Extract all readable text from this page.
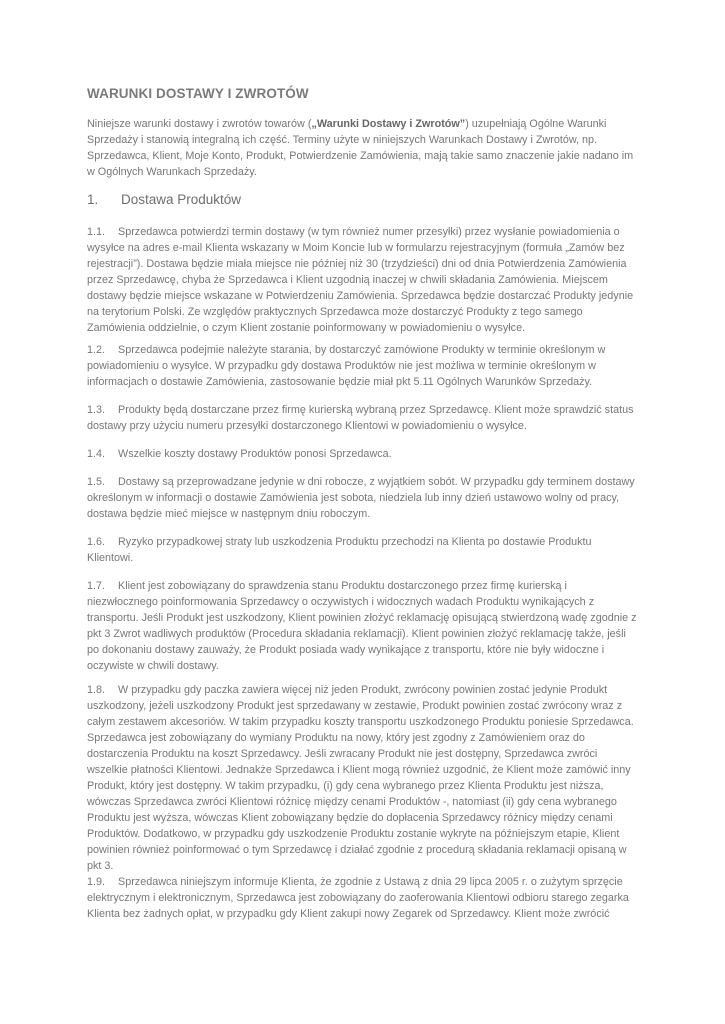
WARUNKI DOSTAWY I ZWROTÓW
Niniejsze warunki dostawy i zwrotów towarów („Warunki Dostawy i Zwrotów”) uzupełniają Ogólne Warunki Sprzedaży i stanowią integralną ich część. Terminy użyte w niniejszych Warunkach Dostawy i Zwrotów, np. Sprzedawca, Klient, Moje Konto, Produkt, Potwierdzenie Zamówienia, mają takie samo znaczenie jakie nadano im w Ogólnych Warunkach Sprzedaży.
1. Dostawa Produktów
1.1. Sprzedawca potwierdzi termin dostawy (w tym również numer przesyłki) przez wysłanie powiadomienia o wysyłce na adres e-mail Klienta wskazany w Moim Koncie lub w formularzu rejestracyjnym (formuła „Zamów bez rejestracji”). Dostawa będzie miała miejsce nie później niż 30 (trzydzieści) dni od dnia Potwierdzenia Zamówienia przez Sprzedawcę, chyba że Sprzedawca i Klient uzgodnią inaczej w chwili składania Zamówienia. Miejscem dostawy będzie miejsce wskazane w Potwierdzeniu Zamówienia. Sprzedawca będzie dostarczać Produkty jedynie na terytorium Polski. Ze względów praktycznych Sprzedawca może dostarczyć Produkty z tego samego Zamówienia oddzielnie, o czym Klient zostanie poinformowany w powiadomieniu o wysyłce.
1.2. Sprzedawca podejmie należyte starania, by dostarczyć zamówione Produkty w terminie określonym w powiadomieniu o wysyłce. W przypadku gdy dostawa Produktów nie jest możliwa w terminie określonym w informacjach o dostawie Zamówienia, zastosowanie będzie miał pkt 5.11 Ogólnych Warunków Sprzedaży.
1.3. Produkty będą dostarczane przez firmę kurierską wybraną przez Sprzedawcę. Klient może sprawdzić status dostawy przy użyciu numeru przesyłki dostarczonego Klientowi w powiadomieniu o wysyłce.
1.4. Wszelkie koszty dostawy Produktów ponosi Sprzedawca.
1.5. Dostawy są przeprowadzane jedynie w dni robocze, z wyjątkiem sobót. W przypadku gdy terminem dostawy określonym w informacji o dostawie Zamówienia jest sobota, niedziela lub inny dzień ustawowo wolny od pracy, dostawa będzie mieć miejsce w następnym dniu roboczym.
1.6. Ryzyko przypadkowej straty lub uszkodzenia Produktu przechodzi na Klienta po dostawie Produktu Klientowi.
1.7. Klient jest zobowiązany do sprawdzenia stanu Produktu dostarczonego przez firmę kurierską i niezwłocznego poinformowania Sprzedawcy o oczywistych i widocznych wadach Produktu wynikających z transportu. Jeśli Produkt jest uszkodzony, Klient powinien złożyć reklamację opisującą stwierdzoną wadę zgodnie z pkt 3 Zwrot wadliwych produktów (Procedura składania reklamacji). Klient powinien złożyć reklamację także, jeśli po dokonaniu dostawy zauważy, że Produkt posiada wady wynikające z transportu, które nie były widoczne i oczywiste w chwili dostawy.
1.8. W przypadku gdy paczka zawiera więcej niż jeden Produkt, zwrócony powinien zostać jedynie Produkt uszkodzony, jeżeli uszkodzony Produkt jest sprzedawany w zestawie, Produkt powinien zostać zwrócony wraz z całym zestawem akcesoriów. W takim przypadku koszty transportu uszkodzonego Produktu poniesie Sprzedawca. Sprzedawca jest zobowiązany do wymiany Produktu na nowy, który jest zgodny z Zamówieniem oraz do dostarczenia Produktu na koszt Sprzedawcy. Jeśli zwracany Produkt nie jest dostępny, Sprzedawca zwróci wszelkie płatności Klientowi. Jednakże Sprzedawca i Klient mogą również uzgodnić, że Klient może zamówić inny Produkt, który jest dostępny. W takim przypadku, (i) gdy cena wybranego przez Klienta Produktu jest niższa, wówczas Sprzedawca zwróci Klientowi różnicę między cenami Produktów -, natomiast (ii) gdy cena wybranego Produktu jest wyższa, wówczas Klient zobowiązany będzie do dopłacenia Sprzedawcy różnicy między cenami Produktów. Dodatkowo, w przypadku gdy uszkodzenie Produktu zostanie wykryte na późniejszym etapie, Klient powinien również poinformować o tym Sprzedawcę i działać zgodnie z procedurą składania reklamacji opisaną w pkt 3.
1.9. Sprzedawca niniejszym informuje Klienta, że zgodnie z Ustawą z dnia 29 lipca 2005 r. o zużytym sprzęcie elektrycznym i elektronicznym, Sprzedawca jest zobowiązany do zaoferowania Klientowi odbioru starego zegarka Klienta bez żadnych opłat, w przypadku gdy Klient zakupi nowy Zegarek od Sprzedawcy. Klient może zwrócić
